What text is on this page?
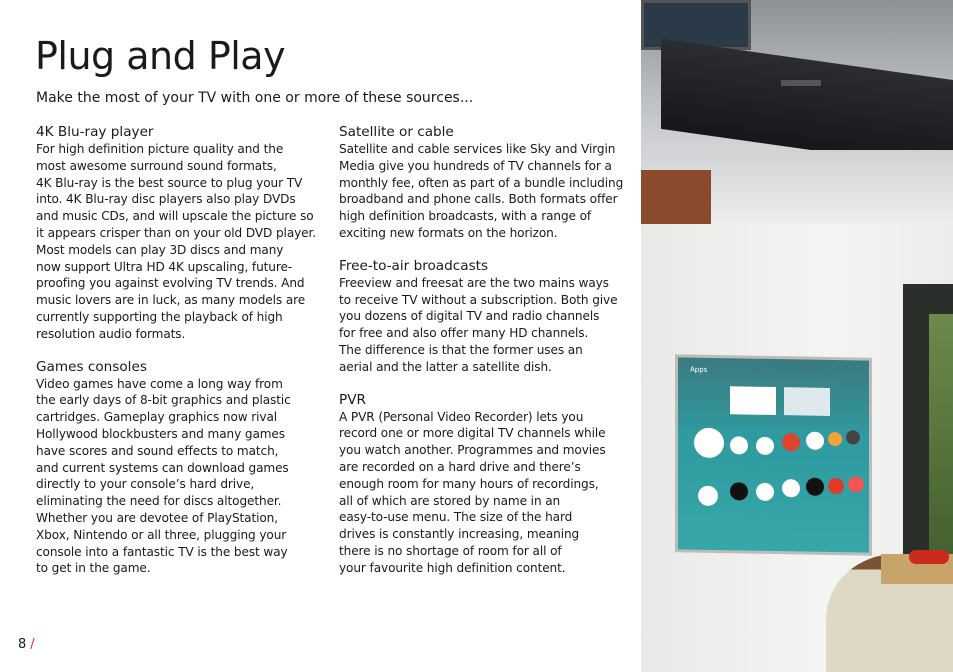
Plug and Play

Make the most of your TV with one or more of these sources...

4K Blu-ray player

For high definition picture quality and the
most awesome surround sound formats,
4K Blu-ray is the best source to plug your TV
into. 4K Blu-ray disc players also play DVDs
and music CDs, and will upscale the picture so
it appears crisper than on your old DVD player.
Most models can play 3D discs and many
now support Ultra HD 4K upscaling, future-
proofing you against evolving TV trends. And
music lovers are in luck, as many models are
currently supporting the playback of high
resolution audio formats.

Games consoles

Video games have come a long way from
the early days of 8-bit graphics and plastic
cartridges. Gameplay graphics now rival
Hollywood blockbusters and many games
have scores and sound effects to match,
and current systems can download games
directly to your console’s hard drive,
eliminating the need for discs altogether.
Whether you are devotee of PlayStation,
Xbox, Nintendo or all three, plugging your
console into a fantastic TV is the best way
to get in the game.

Satellite or cable

Satellite and cable services like Sky and Virgin
Media give you hundreds of TV channels for a
monthly fee, often as part of a bundle including
broadband and phone calls. Both formats offer
high definition broadcasts, with a range of
exciting new formats on the horizon.

Free-to-air broadcasts

Freeview and freesat are the two mains ways
to receive TV without a subscription. Both give
you dozens of digital TV and radio channels
for free and also offer many HD channels.
The difference is that the former uses an
aerial and the latter a satellite dish.

PVR

A PVR (Personal Video Recorder) lets you
record one or more digital TV channels while
you watch another. Programmes and movies
are recorded on a hard drive and there’s
enough room for many hours of recordings,
all of which are stored by name in an
easy-to-use menu. The size of the hard
drives is constantly increasing, meaning
there is no shortage of room for all of
your favourite high definition content.

8 /
Apps
